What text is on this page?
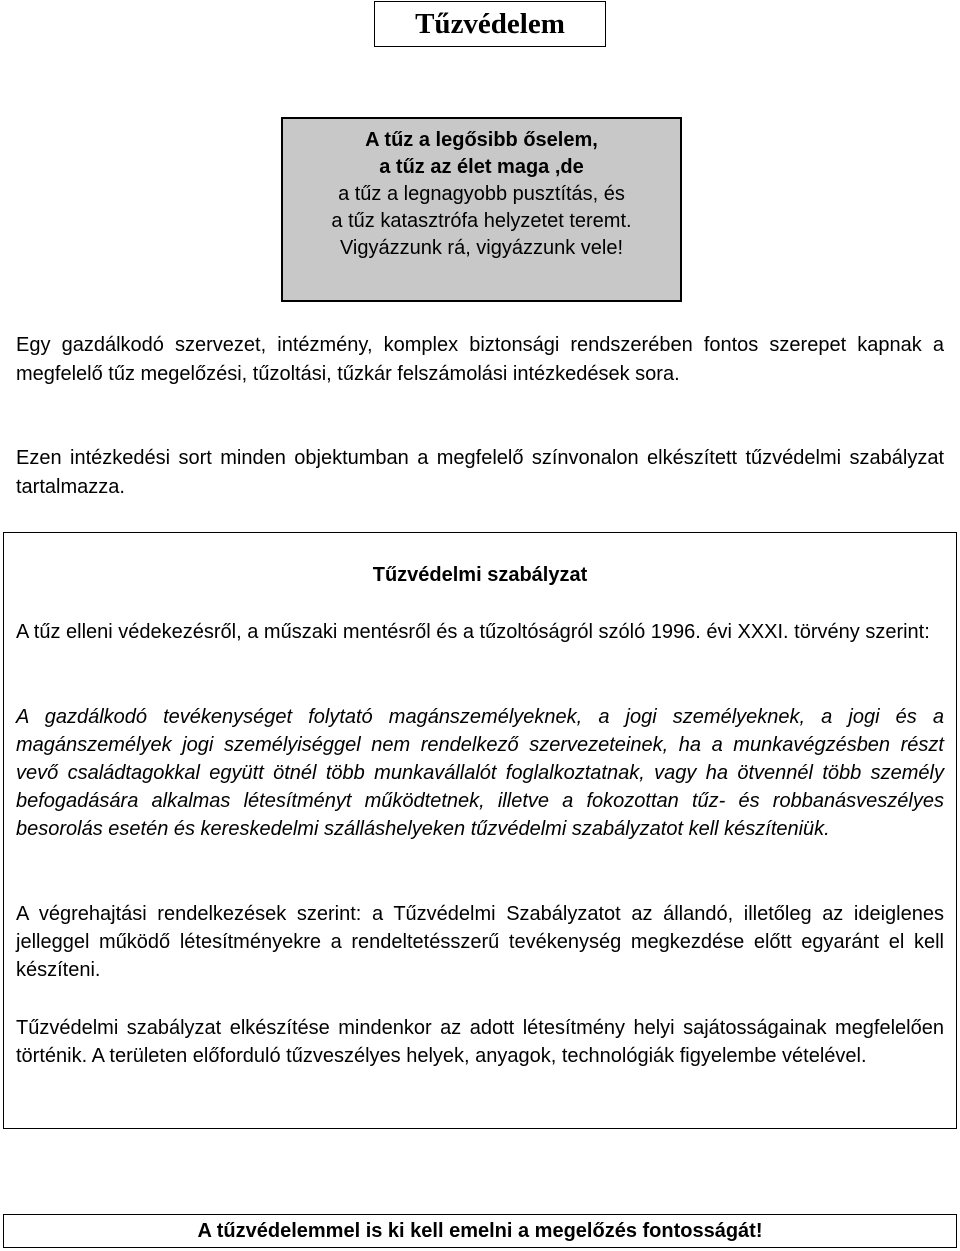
Tűzvédelem
A tűz a legősibb őselem,
a tűz az élet maga ,de
a tűz a legnagyobb pusztítás, és
a tűz katasztrófa helyzetet teremt.
Vigyázzunk rá, vigyázzunk vele!

Egy gazdálkodó szervezet, intézmény, komplex biztonsági rendszerében fontos szerepet kapnak a megfelelő tűz megelőzési, tűzoltási, tűzkár felszámolási intézkedések sora.

Ezen intézkedési sort minden objektumban a megfelelő színvonalon elkészített tűzvédelmi szabályzat tartalmazza.

Tűzvédelmi szabályzat

A tűz elleni védekezésről, a műszaki mentésről és a tűzoltóságról szóló 1996. évi XXXI. törvény szerint:

A gazdálkodó tevékenységet folytató magánszemélyeknek, a jogi személyeknek, a jogi és a magánszemélyek jogi személyiséggel nem rendelkező szervezeteinek, ha a munkavégzésben részt vevő családtagokkal együtt ötnél több munkavállalót foglalkoztatnak, vagy ha ötvennél több személy befogadására alkalmas létesítményt működtetnek, illetve a fokozottan tűz- és robbanásveszélyes besorolás esetén és kereskedelmi szálláshelyeken tűzvédelmi szabályzatot kell készíteniük.

A végrehajtási rendelkezések szerint: a Tűzvédelmi Szabályzatot az állandó, illetőleg az ideiglenes jelleggel működő létesítményekre a rendeltetésszerű tevékenység megkezdése előtt egyaránt el kell készíteni.

Tűzvédelmi szabályzat elkészítése mindenkor az adott létesítmény helyi sajátosságainak megfelelően történik. A területen előforduló tűzveszélyes helyek, anyagok, technológiák figyelembe vételével.

A tűzvédelemmel is ki kell emelni a megelőzés fontosságát!
